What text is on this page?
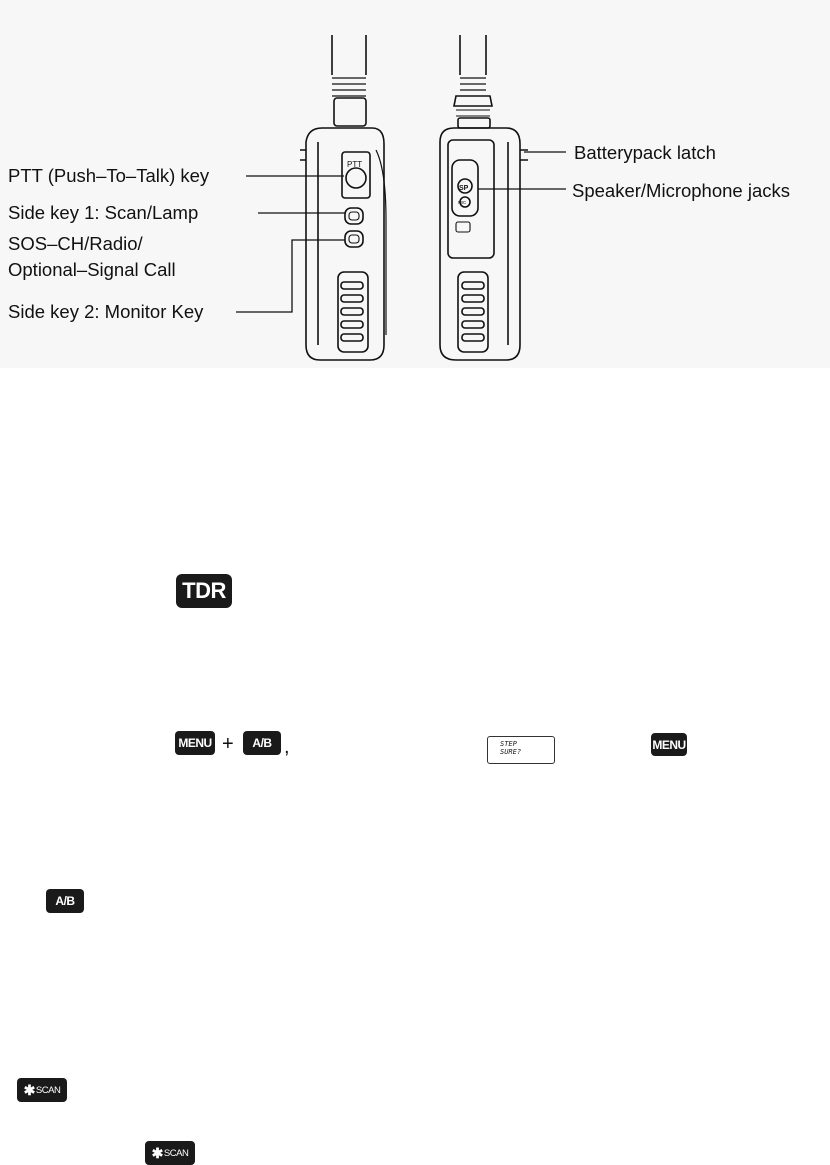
PTT
SP
MIC
PTT (Push–To–Talk) key
Side key 1: Scan/Lamp
SOS–CH/Radio/
Optional–Signal Call
Side key 2: Monitor Key
Batterypack latch
Speaker/Microphone jacks
TDR
MENU +	A/B ,	STEP
SURE?
MENU
A/B
✱ SCAN
✱ SCAN
